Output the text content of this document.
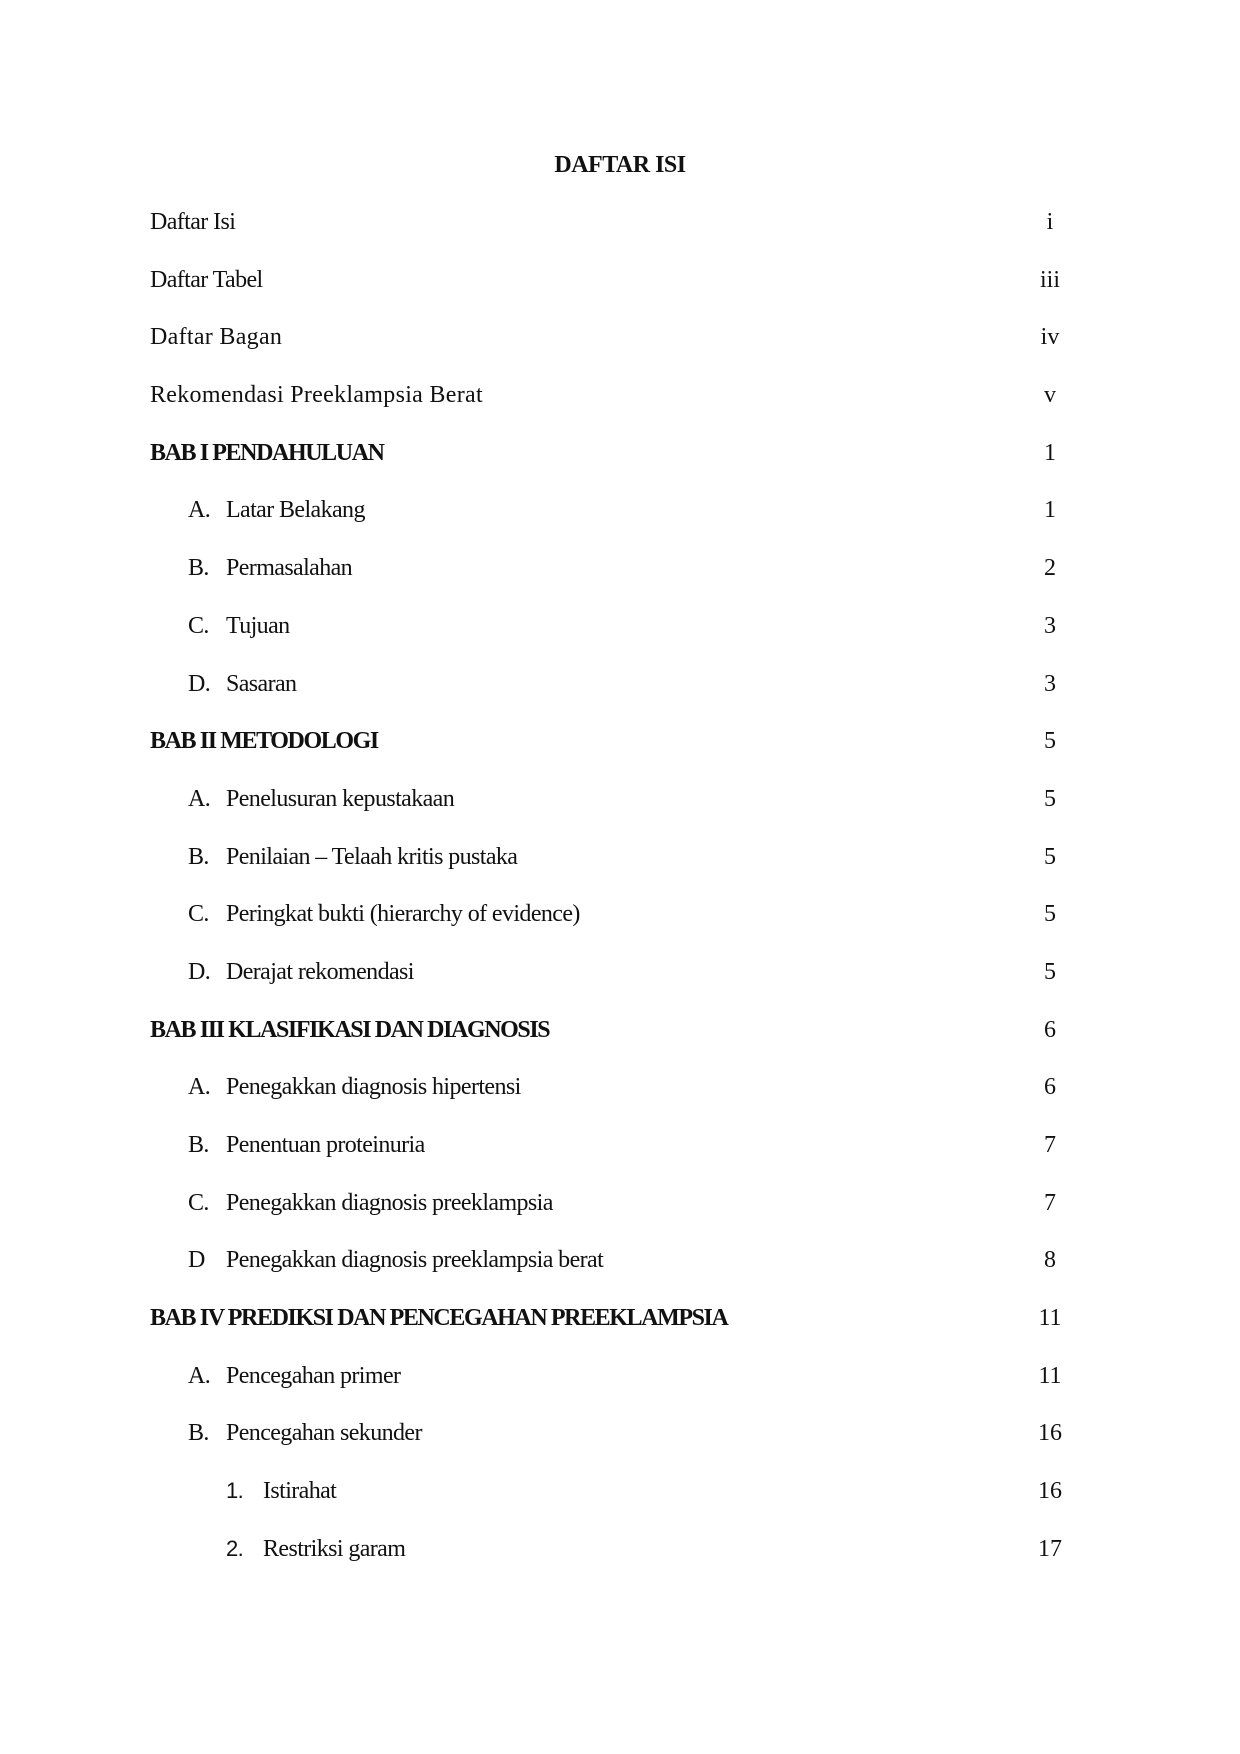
DAFTAR ISI
Daftar Isi	i
Daftar Tabel	iii
Daftar Bagan	iv
Rekomendasi Preeklampsia Berat	v
BAB I PENDAHULUAN	1
A. Latar Belakang	1
B. Permasalahan	2
C. Tujuan	3
D. Sasaran	3
BAB II METODOLOGI	5
A. Penelusuran kepustakaan	5
B. Penilaian – Telaah kritis pustaka	5
C. Peringkat bukti (hierarchy of evidence)	5
D. Derajat rekomendasi	5
BAB III KLASIFIKASI DAN DIAGNOSIS	6
A. Penegakkan diagnosis hipertensi	6
B. Penentuan proteinuria	7
C. Penegakkan diagnosis preeklampsia	7
D Penegakkan diagnosis preeklampsia berat	8
BAB IV PREDIKSI DAN PENCEGAHAN PREEKLAMPSIA	11
A. Pencegahan primer	11
B. Pencegahan sekunder	16
1. Istirahat	16
2. Restriksi garam	17
